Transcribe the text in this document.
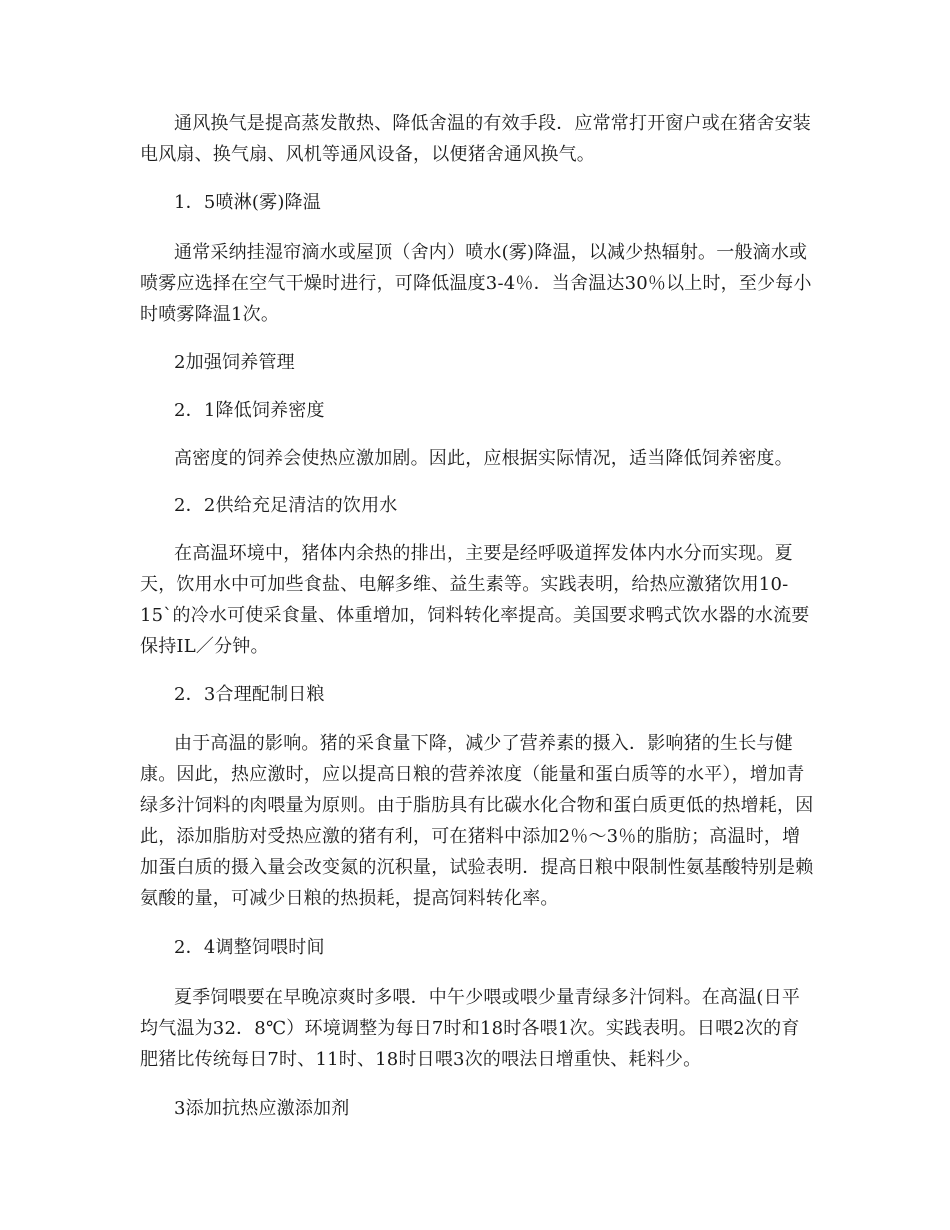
通风换气是提高蒸发散热、降低舍温的有效手段．应常常打开窗户或在猪舍安装电风扇、换气扇、风机等通风设备，以便猪舍通风换气。

1．5喷淋(雾)降温

通常采纳挂湿帘滴水或屋顶（舍内）喷水(雾)降温，以减少热辐射。一般滴水或喷雾应选择在空气干燥时进行，可降低温度3-4％．当舍温达30％以上时，至少每小时喷雾降温1次。

2加强饲养管理
2．1降低饲养密度

高密度的饲养会使热应激加剧。因此，应根据实际情况，适当降低饲养密度。

2．2供给充足清洁的饮用水

在高温环境中，猪体内余热的排出，主要是经呼吸道挥发体内水分而实现。夏天，饮用水中可加些食盐、电解多维、益生素等。实践表明，给热应激猪饮用10-15`的冷水可使采食量、体重增加，饲料转化率提高。美国要求鸭式饮水器的水流要保持IL／分钟。

2．3合理配制日粮

由于高温的影响。猪的采食量下降，减少了营养素的摄入．影响猪的生长与健康。因此，热应激时，应以提高日粮的营养浓度（能量和蛋白质等的水平），增加青绿多汁饲料的肉喂量为原则。由于脂肪具有比碳水化合物和蛋白质更低的热增耗，因此，添加脂肪对受热应激的猪有利，可在猪料中添加2％～3％的脂肪；高温时，增加蛋白质的摄入量会改变氮的沉积量，试验表明．提高日粮中限制性氨基酸特别是赖氨酸的量，可减少日粮的热损耗，提高饲料转化率。

2．4调整饲喂时间

夏季饲喂要在早晚凉爽时多喂．中午少喂或喂少量青绿多汁饲料。在高温(日平均气温为32．8℃）环境调整为每日7时和18时各喂1次。实践表明。日喂2次的育肥猪比传统每日7时、11时、18时日喂3次的喂法日增重快、耗料少。

3添加抗热应激添加剂
